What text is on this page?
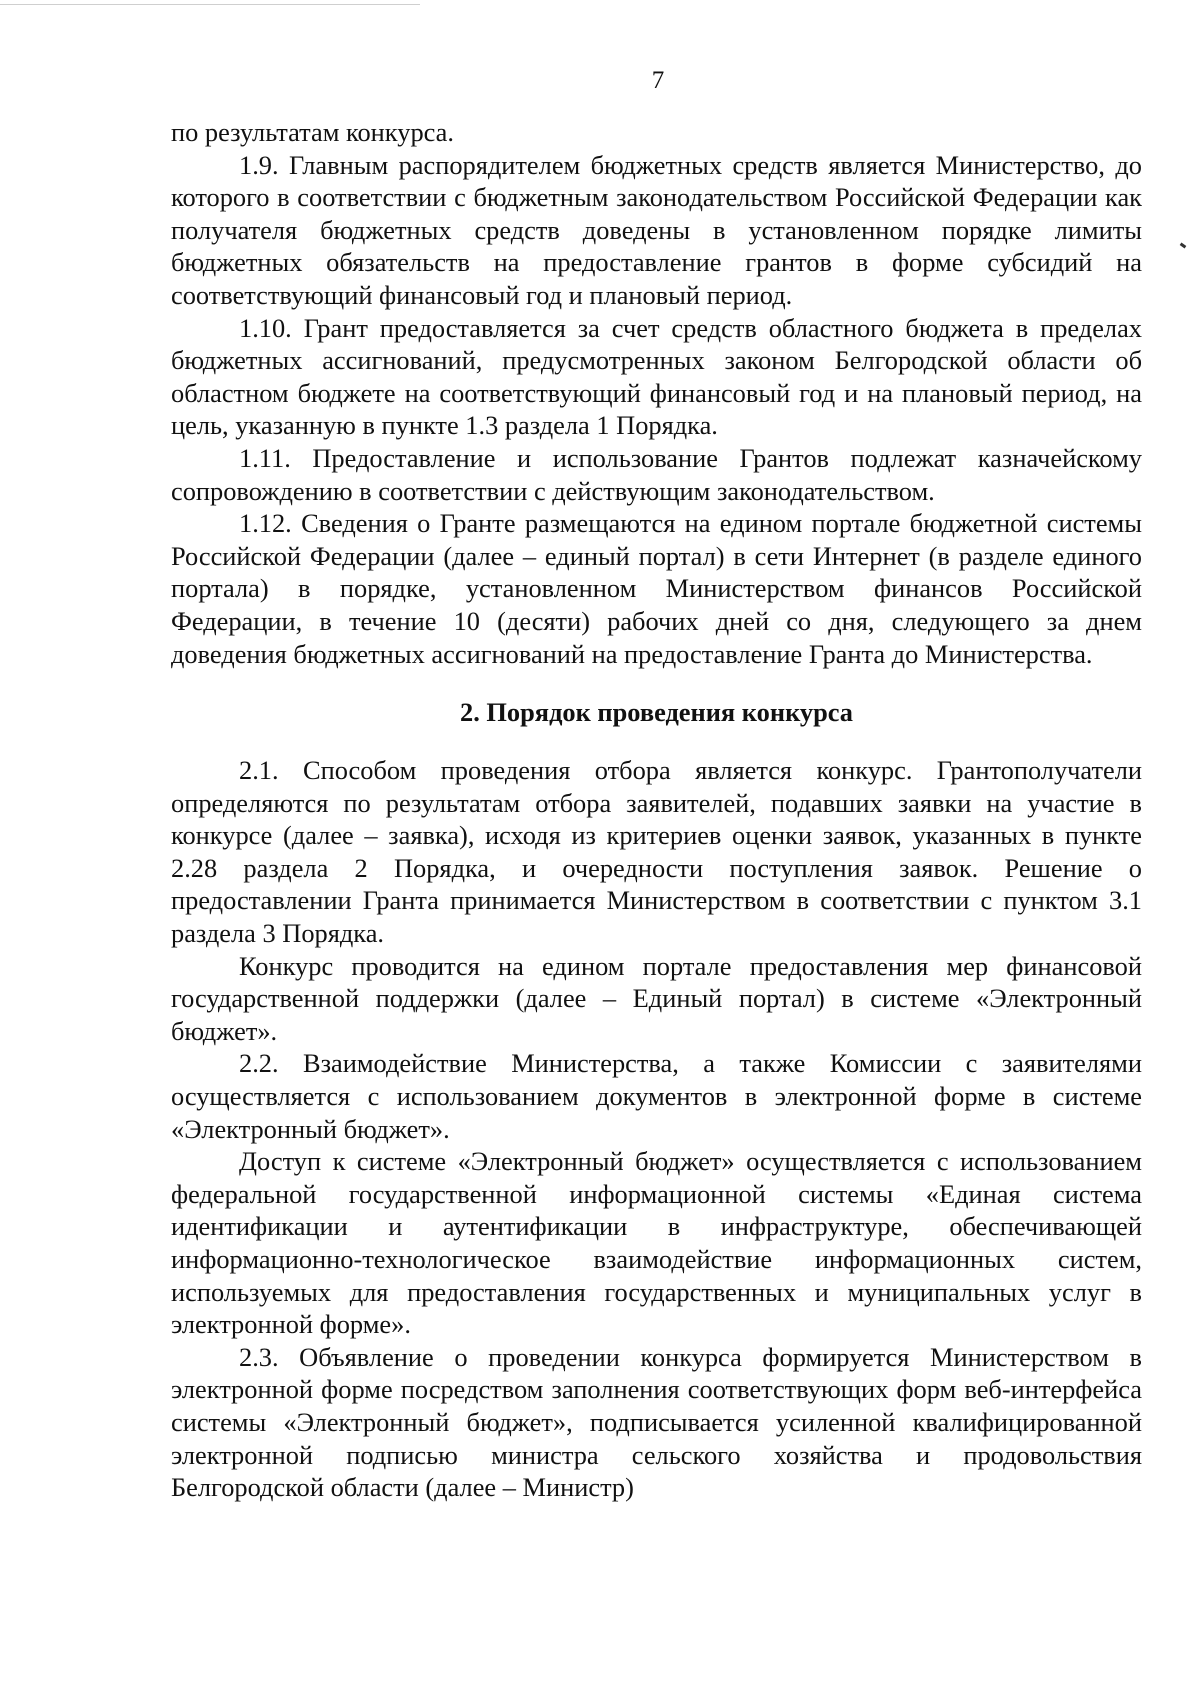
7

по результатам конкурса.

1.9. Главным распорядителем бюджетных средств является Министерство, до которого в соответствии с бюджетным законодательством Российской Федерации как получателя бюджетных средств доведены в установленном порядке лимиты бюджетных обязательств на предоставление грантов в форме субсидий на соответствующий финансовый год и плановый период.

1.10. Грант предоставляется за счет средств областного бюджета в пределах бюджетных ассигнований, предусмотренных законом Белгородской области об областном бюджете на соответствующий финансовый год и на плановый период, на цель, указанную в пункте 1.3 раздела 1 Порядка.

1.11. Предоставление и использование Грантов подлежат казначейскому сопровождению в соответствии с действующим законодательством.

1.12. Сведения о Гранте размещаются на едином портале бюджетной системы Российской Федерации (далее – единый портал) в сети Интернет (в разделе единого портала) в порядке, установленном Министерством финансов Российской Федерации, в течение 10 (десяти) рабочих дней со дня, следующего за днем доведения бюджетных ассигнований на предоставление Гранта до Министерства.

2. Порядок проведения конкурса

2.1. Способом проведения отбора является конкурс. Грантополучатели определяются по результатам отбора заявителей, подавших заявки на участие в конкурсе (далее – заявка), исходя из критериев оценки заявок, указанных в пункте 2.28 раздела 2 Порядка, и очередности поступления заявок. Решение о предоставлении Гранта принимается Министерством в соответствии с пунктом 3.1 раздела 3 Порядка.

Конкурс проводится на едином портале предоставления мер финансовой государственной поддержки (далее – Единый портал) в системе «Электронный бюджет».

2.2. Взаимодействие Министерства, а также Комиссии с заявителями осуществляется с использованием документов в электронной форме в системе «Электронный бюджет».

Доступ к системе «Электронный бюджет» осуществляется с использованием федеральной государственной информационной системы «Единая система идентификации и аутентификации в инфраструктуре, обеспечивающей информационно-технологическое взаимодействие информационных систем, используемых для предоставления государственных и муниципальных услуг в электронной форме».

2.3. Объявление о проведении конкурса формируется Министерством в электронной форме посредством заполнения соответствующих форм веб-интерфейса системы «Электронный бюджет», подписывается усиленной квалифицированной электронной подписью министра сельского хозяйства и продовольствия Белгородской области (далее – Министр)
